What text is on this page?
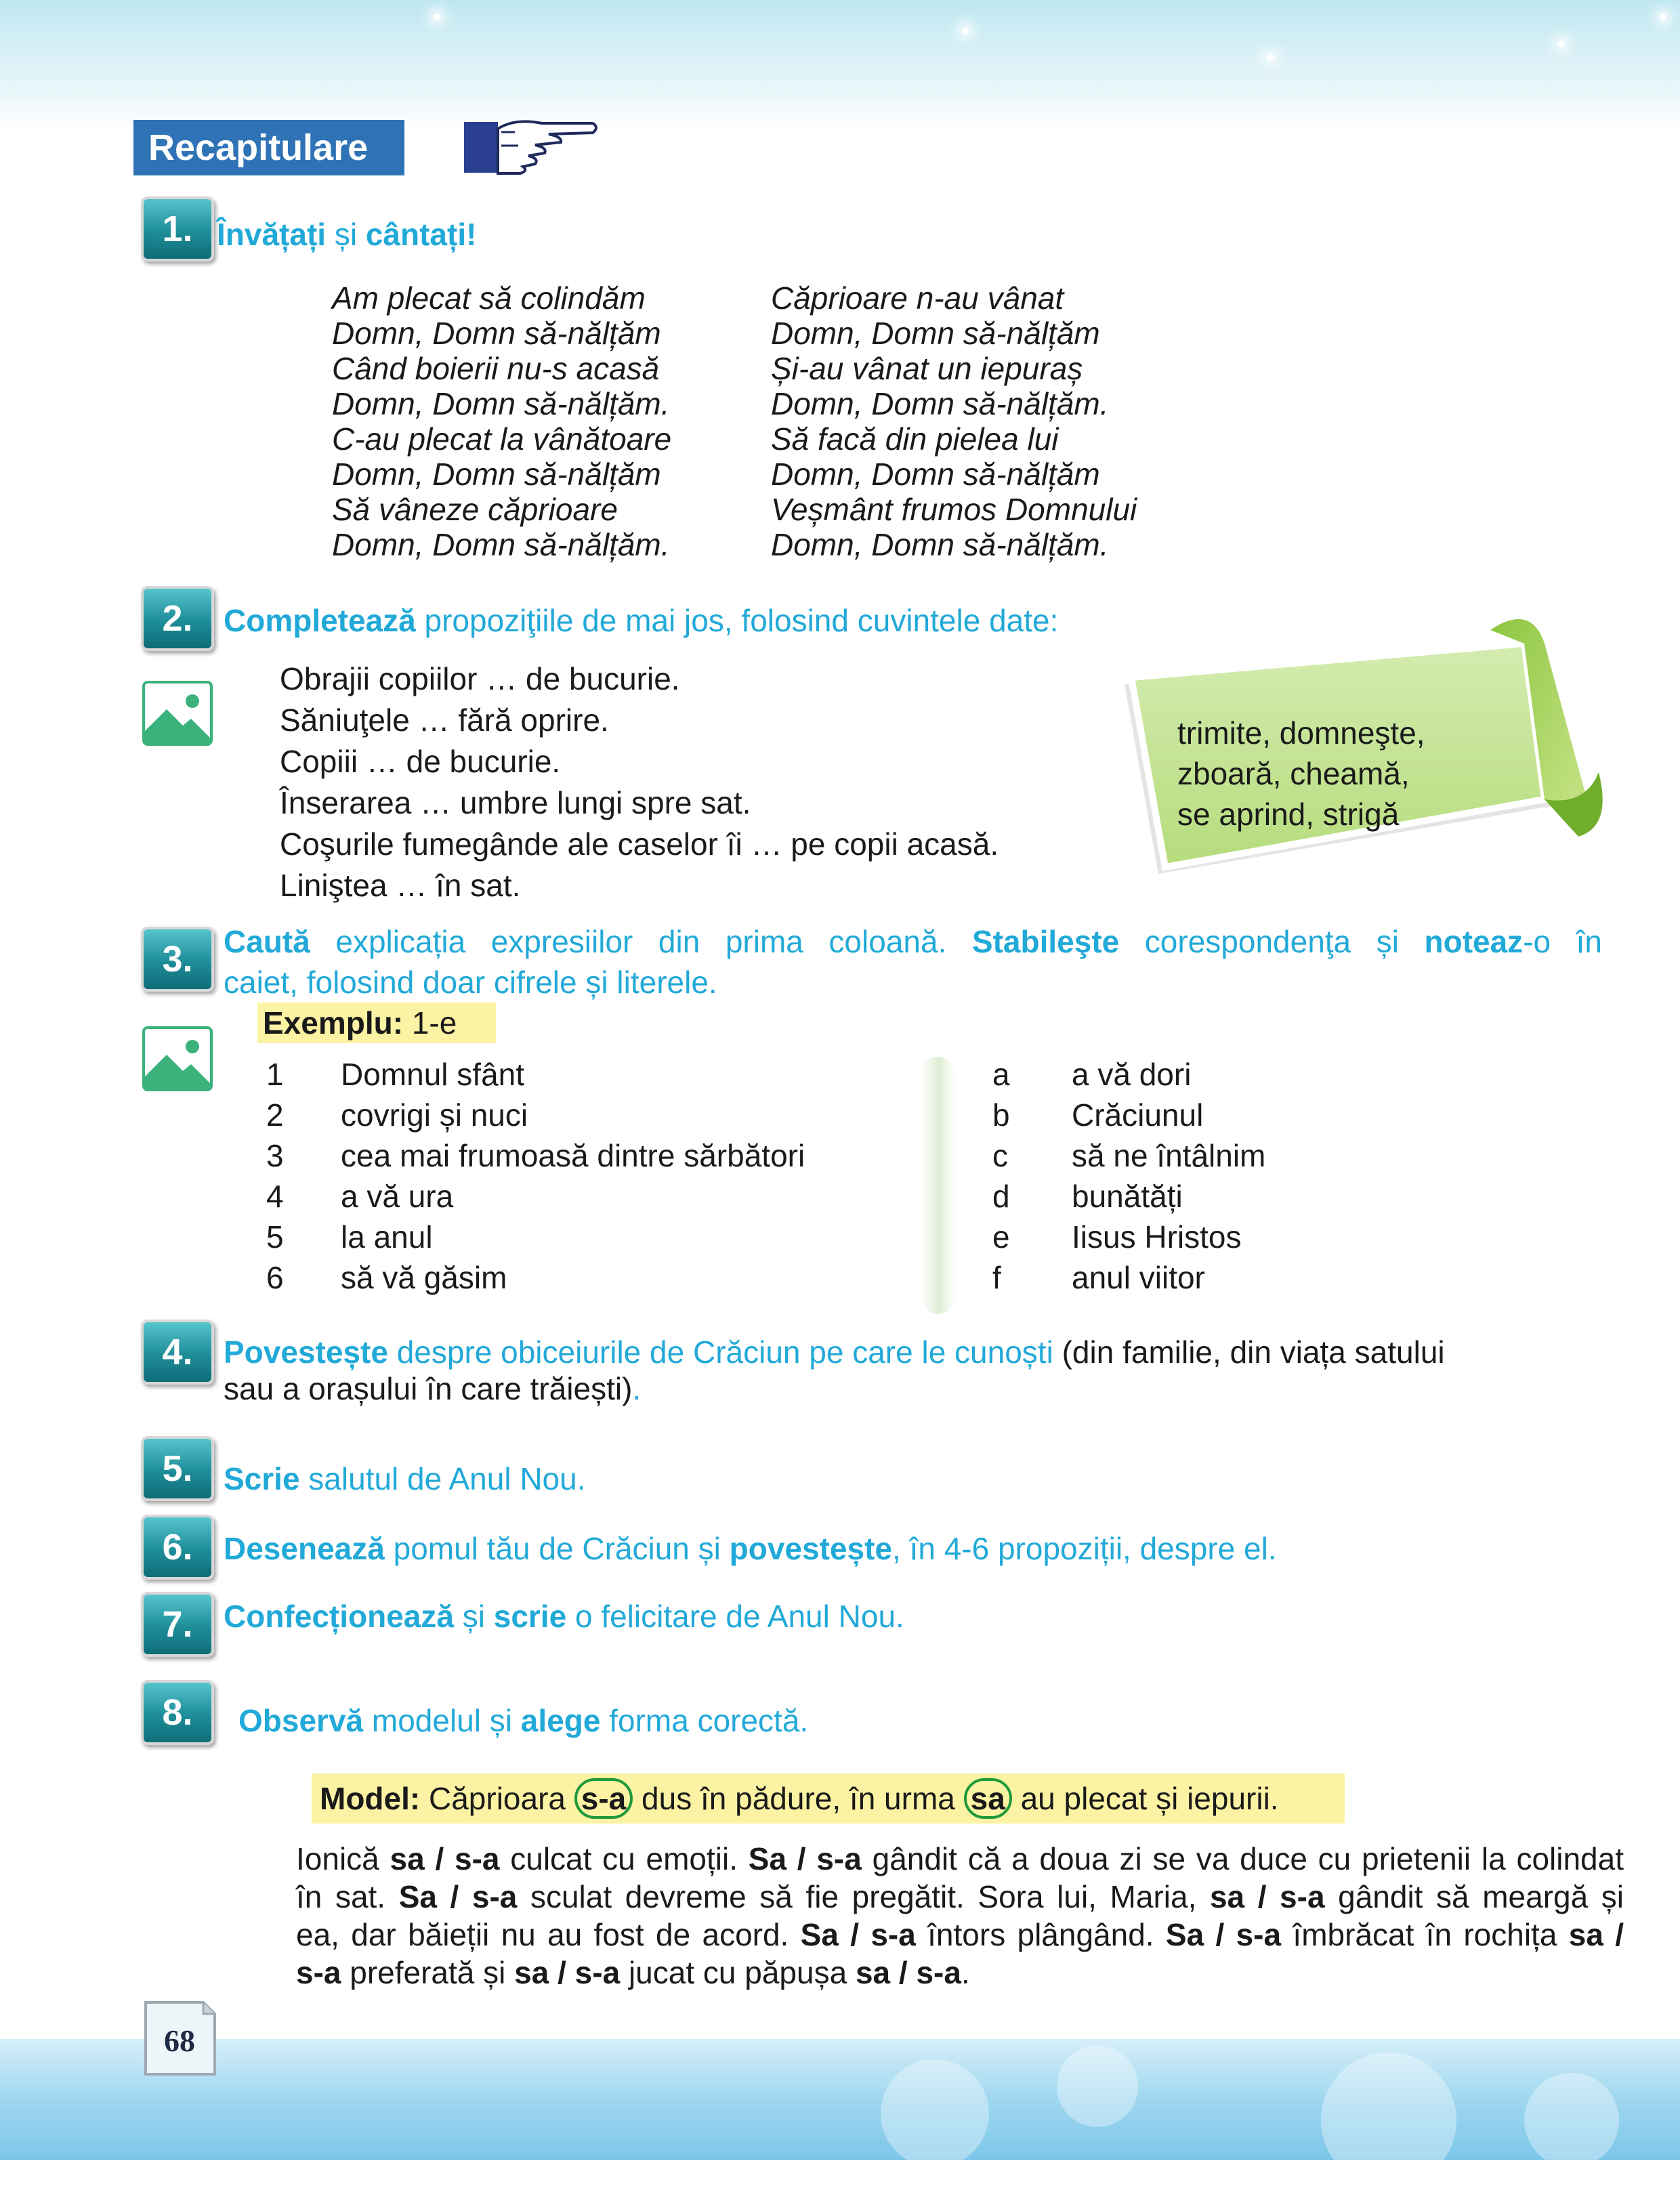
Recapitulare
1. Învățați și cântați!
Am plecat să colindăm
Domn, Domn să-nălțăm
Când boierii nu-s acasă
Domn, Domn să-nălțăm.
C-au plecat la vânătoare
Domn, Domn să-nălțăm
Să vâneze căprioare
Domn, Domn să-nălțăm.
Căprioare n-au vânat
Domn, Domn să-nălțăm
Și-au vânat un iepuraș
Domn, Domn să-nălțăm.
Să facă din pielea lui
Domn, Domn să-nălțăm
Veșmânt frumos Domnului
Domn, Domn să-nălțăm.
2. Completează propoziţiile de mai jos, folosind cuvintele date:
Obrajii copiilor … de bucurie.
Săniuţele … fără oprire.
Copiii … de bucurie.
Înserarea … umbre lungi spre sat.
Coşurile fumegânde ale caselor îi … pe copii acasă.
Liniştea … în sat.
trimite, domneşte,
zboară, cheamă,
se aprind, strigă
3. Caută explicația expresiilor din prima coloană. Stabileşte corespondenţa și noteaz-o în
caiet, folosind doar cifrele și literele.
Exemplu: 1-e
1
2
3
4
5
6
Domnul sfânt
covrigi și nuci
cea mai frumoasă dintre sărbători
a vă ura
la anul
să vă găsim
a
b
c
d
e
f
a vă dori
Crăciunul
să ne întâlnim
bunătăți
Iisus Hristos
anul viitor
4. Povestește despre obiceiurile de Crăciun pe care le cunoști (din familie, din viața satului
sau a orașului în care trăiești).
5. Scrie salutul de Anul Nou.
6. Desenează pomul tău de Crăciun și povestește, în 4-6 propoziții, despre el.
7. Confecționează și scrie o felicitare de Anul Nou.
8.	Observă modelul și alege forma corectă.
Model: Căprioara s-a dus în pădure, în urma sa au plecat și iepurii.
Ionică sa / s-a culcat cu emoții. Sa / s-a gândit că a doua zi se va duce cu prietenii la colindat
în sat. Sa / s-a sculat devreme să fie pregătit. Sora lui, Maria, sa / s-a gândit să meargă și
ea, dar băieții nu au fost de acord. Sa / s-a întors plângând. Sa / s-a îmbrăcat în rochița sa /
s-a preferată și sa / s-a jucat cu păpușa sa / s-a.
68
